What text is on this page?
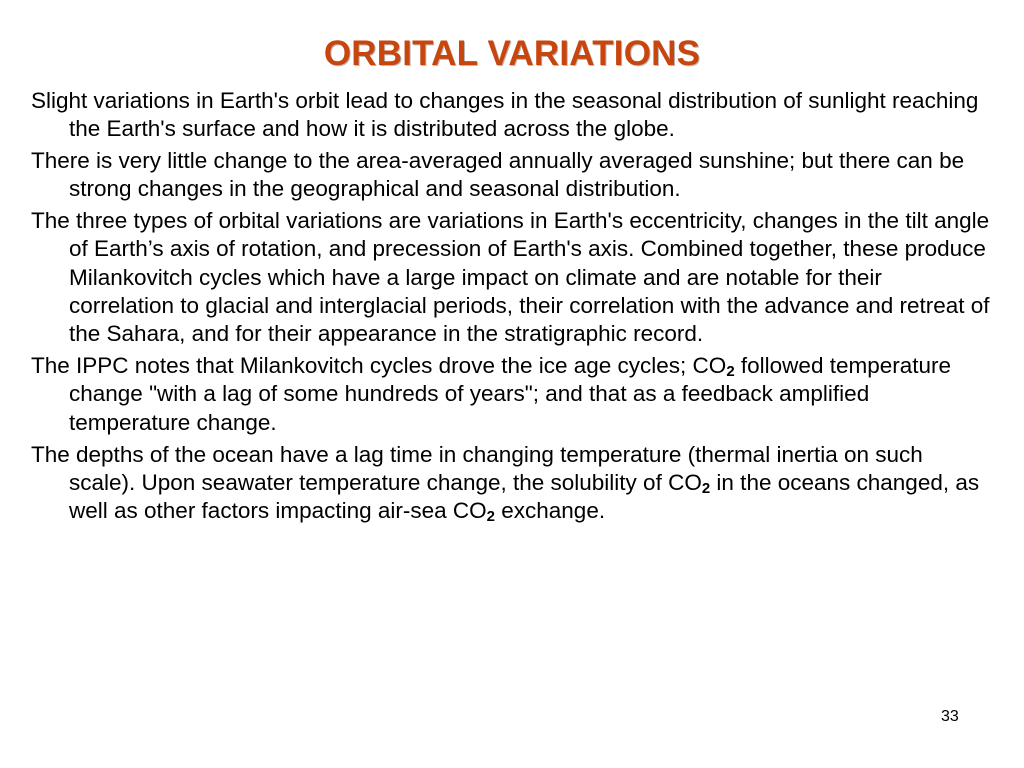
ORBITAL VARIATIONS

Slight variations in Earth's orbit lead to changes in the seasonal distribution of sunlight reaching the Earth's surface and how it is distributed across the globe.

There is very little change to the area-averaged annually averaged sunshine; but there can be strong changes in the geographical and seasonal distribution.

The three types of orbital variations are variations in Earth's eccentricity, changes in the tilt angle of Earth’s axis of rotation, and precession of Earth's axis. Combined together, these produce Milankovitch cycles which have a large impact on climate and are notable for their correlation to glacial and interglacial periods, their correlation with the advance and retreat of the Sahara, and for their appearance in the stratigraphic record.

The IPPC notes that Milankovitch cycles drove the ice age cycles; $CO_2$ followed temperature change "with a lag of some hundreds of years"; and that as a feedback amplified temperature change.

The depths of the ocean have a lag time in changing temperature (thermal inertia on such scale). Upon seawater temperature change, the solubility of $CO_2$ in the oceans changed, as well as other factors impacting air-sea $CO_2$ exchange.

33
